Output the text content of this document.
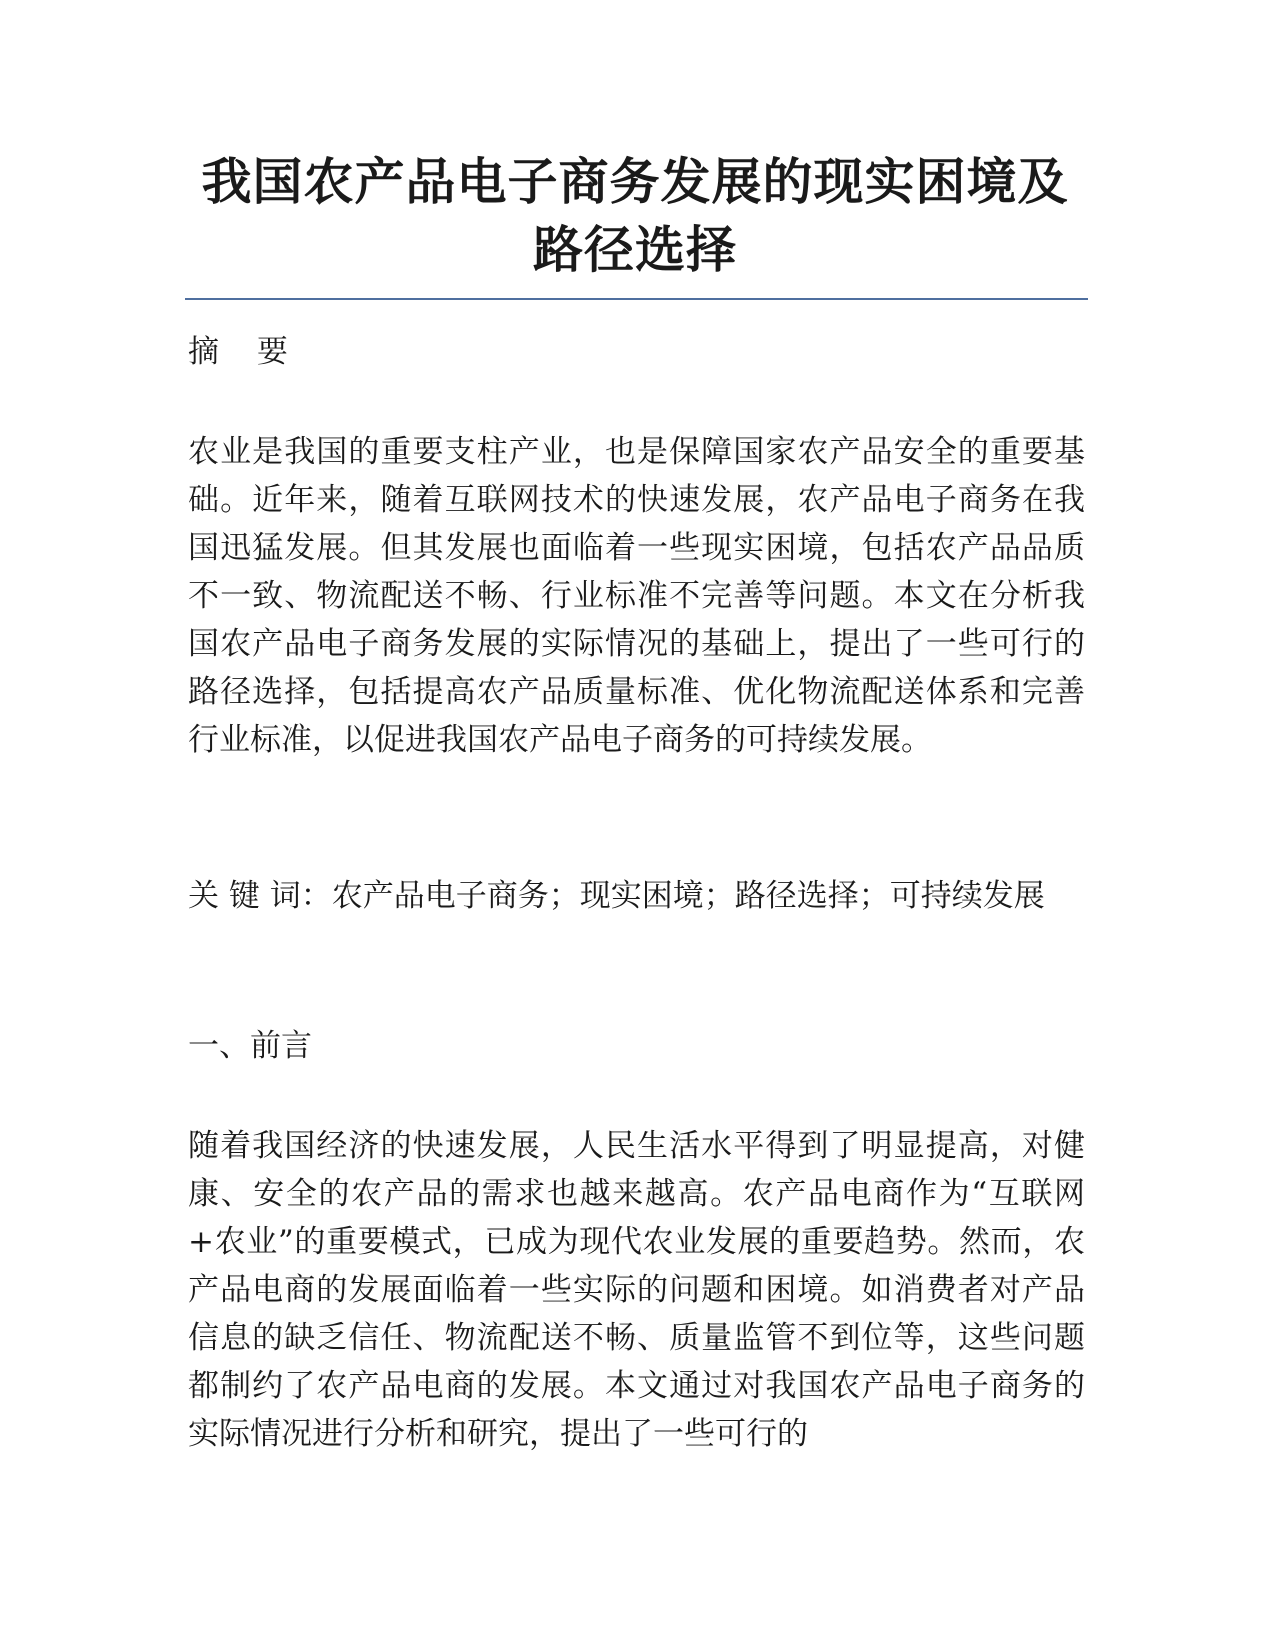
我国农产品电子商务发展的现实困境及路径选择

摘 要

农业是我国的重要支柱产业，也是保障国家农产品安全的重要基础。近年来，随着互联网技术的快速发展，农产品电子商务在我国迅猛发展。但其发展也面临着一些现实困境，包括农产品品质不一致、物流配送不畅、行业标准不完善等问题。本文在分析我国农产品电子商务发展的实际情况的基础上，提出了一些可行的路径选择，包括提高农产品质量标准、优化物流配送体系和完善行业标准，以促进我国农产品电子商务的可持续发展。

关 键 词：农产品电子商务；现实困境；路径选择；可持续发展

一、前言

随着我国经济的快速发展，人民生活水平得到了明显提高，对健康、安全的农产品的需求也越来越高。农产品电商作为“互联网+农业”的重要模式，已成为现代农业发展的重要趋势。然而，农产品电商的发展面临着一些实际的问题和困境。如消费者对产品信息的缺乏信任、物流配送不畅、质量监管不到位等，这些问题都制约了农产品电商的发展。本文通过对我国农产品电子商务的实际情况进行分析和研究，提出了一些可行的
